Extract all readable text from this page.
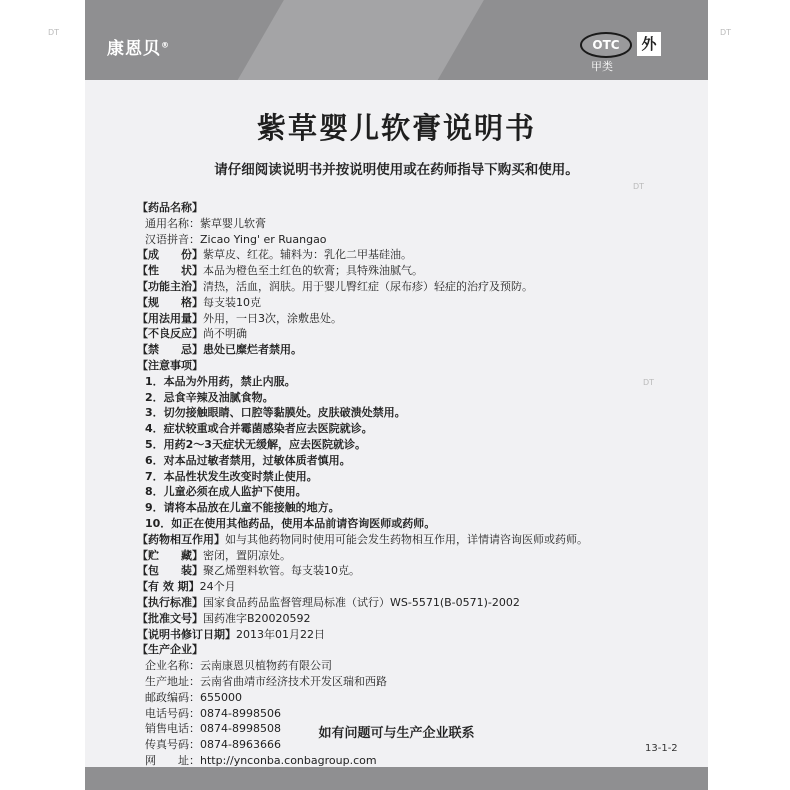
DT	DT
康恩贝®	OTC	外
甲类
紫草婴儿软膏说明书
请仔细阅读说明书并按说明使用或在药师指导下购买和使用。
DT
DT
【药品名称】
通用名称：紫草婴儿软膏
汉语拼音：Zicao Ying' er Ruangao
【成　　份】紫草皮、红花。辅料为：乳化二甲基硅油。
【性　　状】本品为橙色至土红色的软膏；具特殊油腻气。
【功能主治】清热，活血，润肤。用于婴儿臀红症（尿布疹）轻症的治疗及预防。
【规　　格】每支装10克
【用法用量】外用，一日3次，涂敷患处。
【不良反应】尚不明确
【禁　　忌】患处已糜烂者禁用。
【注意事项】
1．本品为外用药，禁止内服。
2．忌食辛辣及油腻食物。
3．切勿接触眼睛、口腔等黏膜处。皮肤破溃处禁用。
4．症状较重或合并霉菌感染者应去医院就诊。
5．用药2～3天症状无缓解，应去医院就诊。
6．对本品过敏者禁用，过敏体质者慎用。
7．本品性状发生改变时禁止使用。
8．儿童必须在成人监护下使用。
9．请将本品放在儿童不能接触的地方。
10．如正在使用其他药品，使用本品前请咨询医师或药师。
【药物相互作用】如与其他药物同时使用可能会发生药物相互作用，详情请咨询医师或药师。
【贮　　藏】密闭，置阴凉处。
【包　　装】聚乙烯塑料软管。每支装10克。
【有 效 期】24个月
【执行标准】国家食品药品监督管理局标准（试行）WS-5571(B-0571)-2002
【批准文号】国药准字B20020592
【说明书修订日期】2013年01月22日
【生产企业】
企业名称：云南康恩贝植物药有限公司
生产地址：云南省曲靖市经济技术开发区瑞和西路
邮政编码：655000
电话号码：0874-8998506
销售电话：0874-8998508
传真号码：0874-8963666
网　　址：http://ynconba.conbagroup.com
如有问题可与生产企业联系
13-1-2
